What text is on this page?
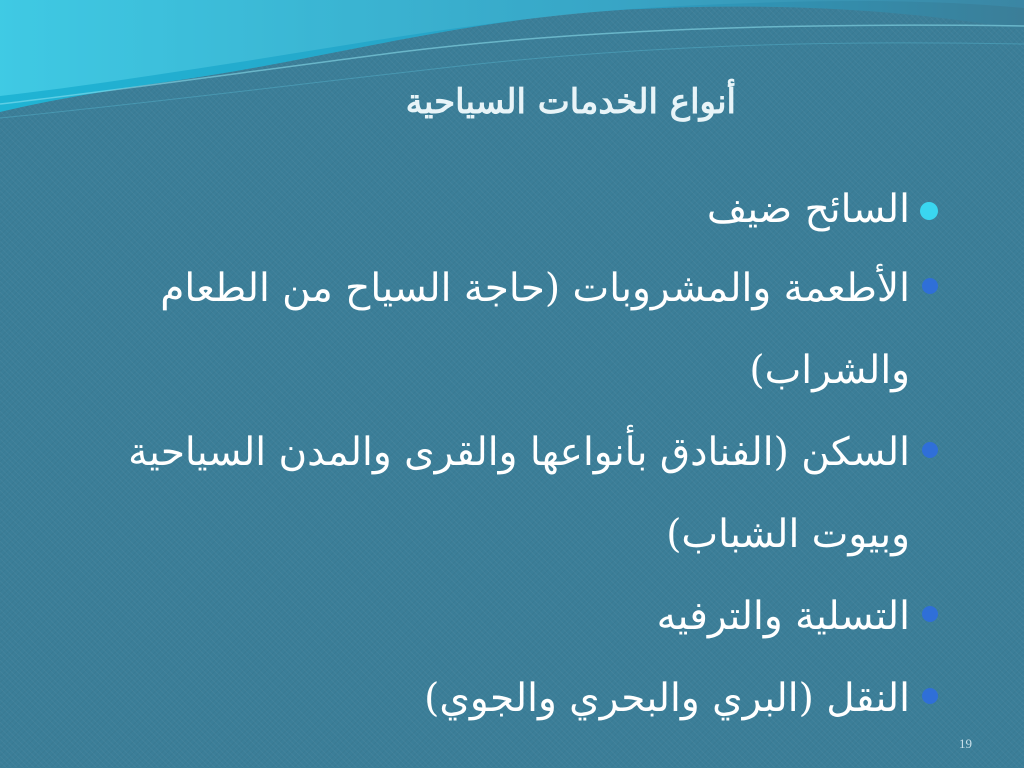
أنواع الخدمات السياحية

السائح ضيف

الأطعمة والمشروبات (حاجة السياح من الطعام والشراب)

السكن (الفنادق بأنواعها والقرى والمدن السياحية وبيوت الشباب)

التسلية والترفيه

النقل (البري والبحري والجوي)

19
